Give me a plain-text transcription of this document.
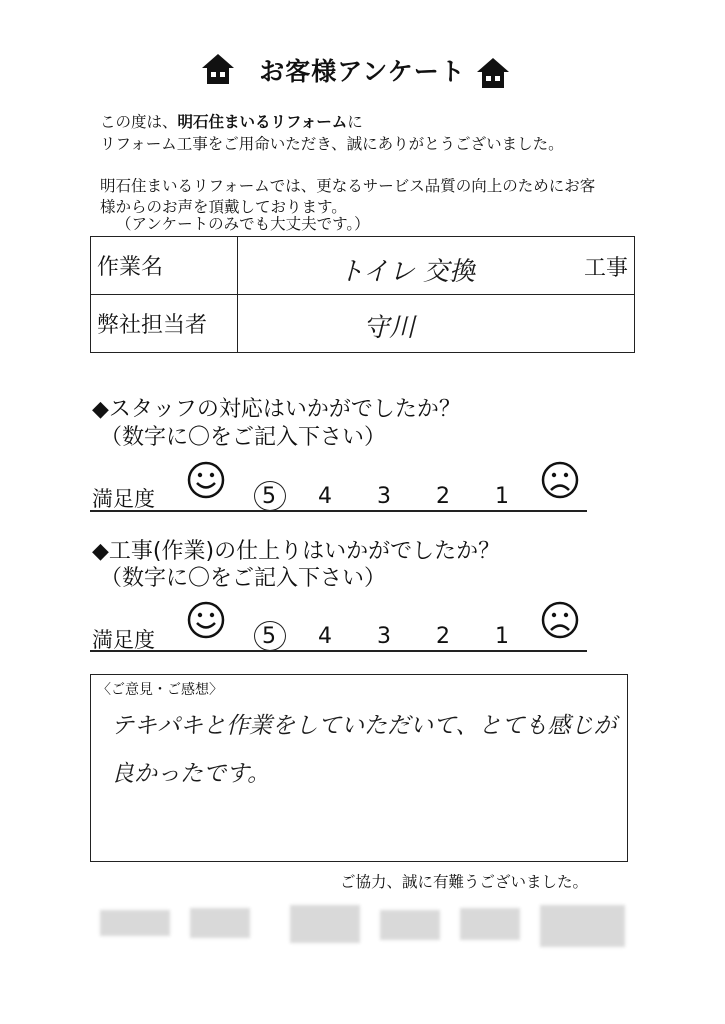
お客様アンケート
この度は、明石住まいるリフォームに
リフォーム工事をご用命いただき、誠にありがとうございました。
明石住まいるリフォームでは、更なるサービス品質の向上のためにお客
様からのお声を頂戴しております。
（アンケートのみでも大丈夫です。）
作業名	トイレ 交換 工事

弊社担当者	守川
◆スタッフの対応はいかがでしたか？
（数字に〇をご記入下さい）
満足度	5 4 3 2 1
◆工事(作業)の仕上りはいかがでしたか？
（数字に〇をご記入下さい）
満足度	5 4 3 2 1
〈ご意見・ご感想〉
テキパキと作業をしていただいて、とても感じが
良かったです。
ご協力、誠に有難うございました。
